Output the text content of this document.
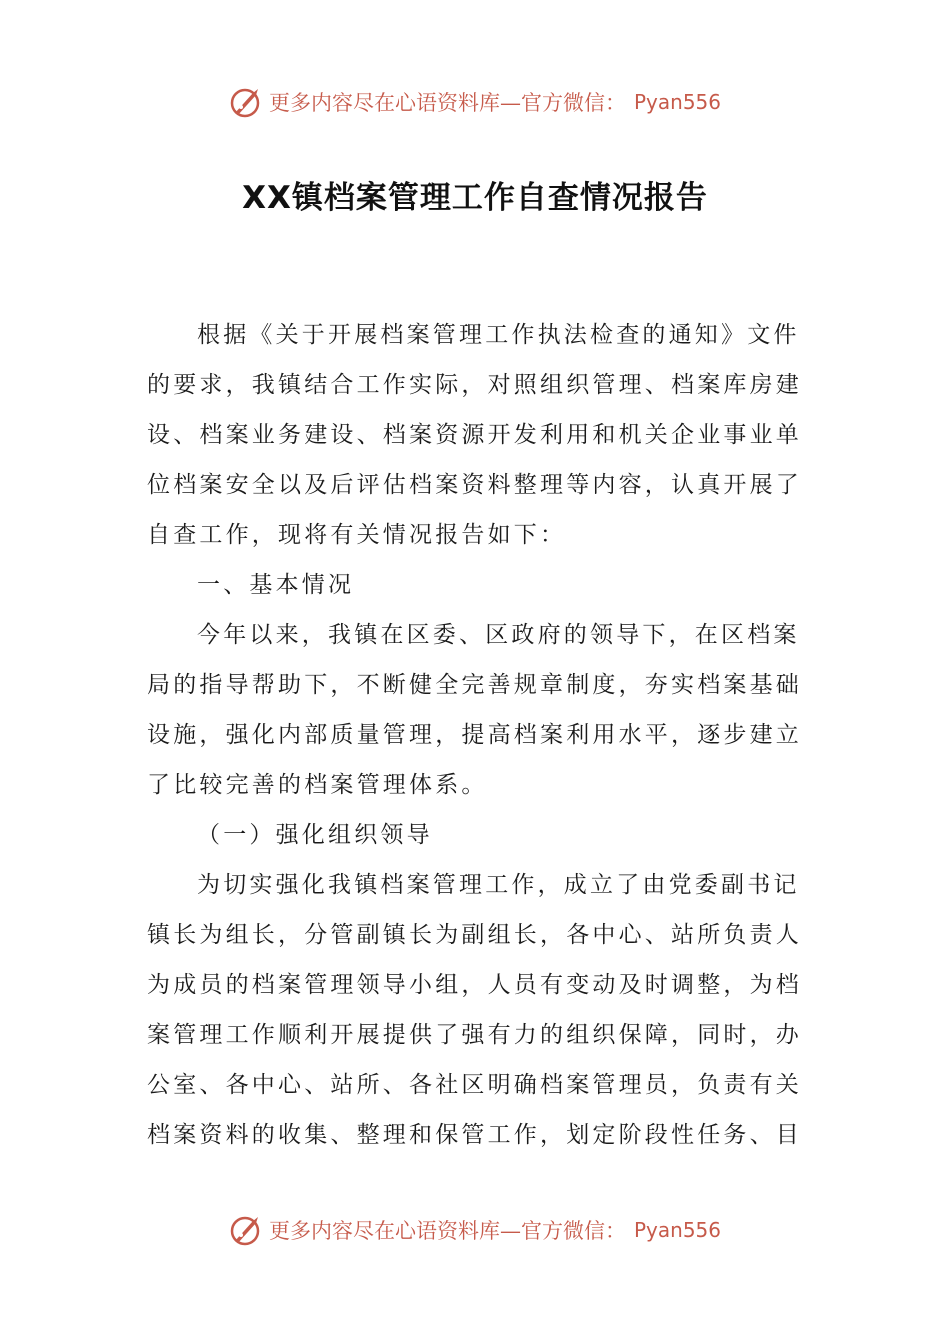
更多内容尽在心语资料库—官方微信： Pyan556
XX镇档案管理工作自查情况报告
根据《关于开展档案管理工作执法检查的通知》文件
的要求，我镇结合工作实际，对照组织管理、档案库房建
设、档案业务建设、档案资源开发利用和机关企业事业单
位档案安全以及后评估档案资料整理等内容，认真开展了
自查工作，现将有关情况报告如下：
一、基本情况
今年以来，我镇在区委、区政府的领导下，在区档案
局的指导帮助下，不断健全完善规章制度，夯实档案基础
设施，强化内部质量管理，提高档案利用水平，逐步建立
了比较完善的档案管理体系。
（一）强化组织领导
为切实强化我镇档案管理工作，成立了由党委副书记
镇长为组长，分管副镇长为副组长，各中心、站所负责人
为成员的档案管理领导小组，人员有变动及时调整，为档
案管理工作顺利开展提供了强有力的组织保障，同时，办
公室、各中心、站所、各社区明确档案管理员，负责有关
档案资料的收集、整理和保管工作，划定阶段性任务、目
更多内容尽在心语资料库—官方微信： Pyan556
